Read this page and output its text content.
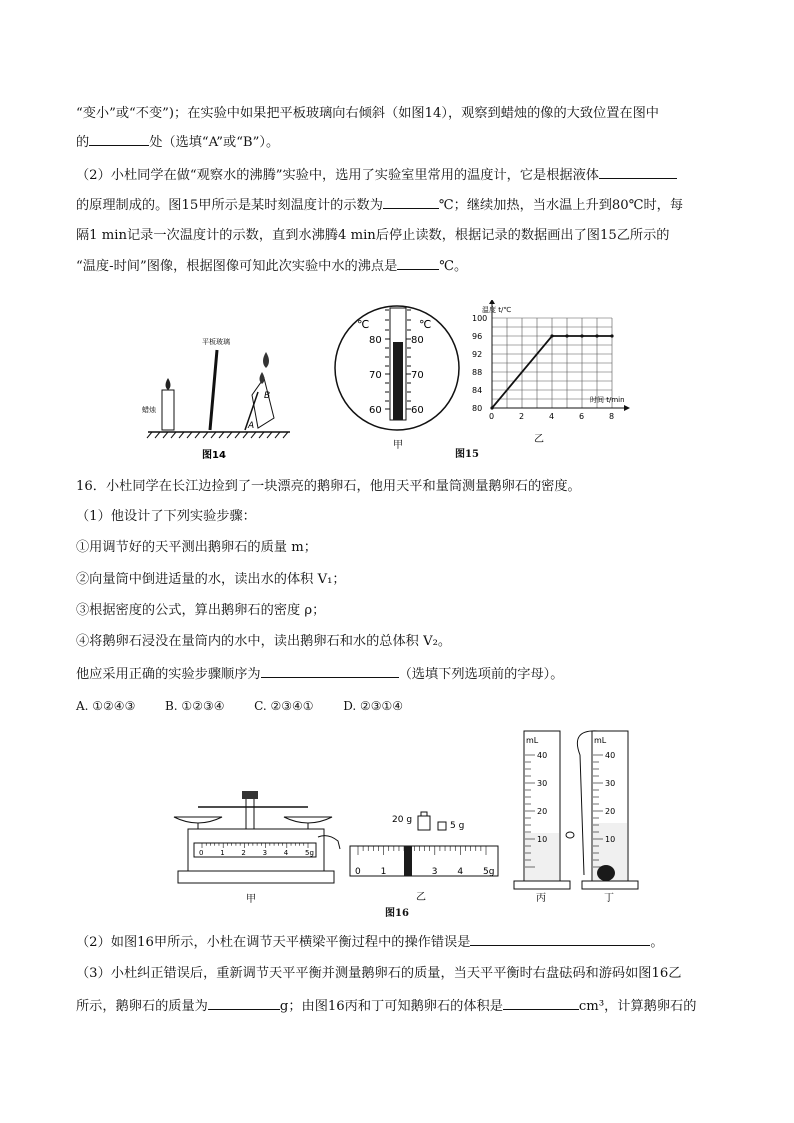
“变小”或“不变”)；在实验中如果把平板玻璃向右倾斜（如图14），观察到蜡烛的像的大致位置在图中
的	处（选填“A”或“B”）。
（2）小杜同学在做“观察水的沸腾”实验中，选用了实验室里常用的温度计，它是根据液体
的原理制成的。图15甲所示是某时刻温度计的示数为	℃；继续加热，当水温上升到80℃时，每
隔1 min记录一次温度计的示数，直到水沸腾4 min后停止读数，根据记录的数据画出了图15乙所示的
“温度-时间”图像，根据图像可知此次实验中水的沸点是	℃。
平板玻璃
蜡烛
B
A
图14
℃	℃
80
70
60
80
70
60
甲
温度 t/℃
时间 t/min
80
84
88
92
96
100
0	2	4	6	8
乙
图15
16．小杜同学在长江边捡到了一块漂亮的鹅卵石，他用天平和量筒测量鹅卵石的密度。
（1）他设计了下列实验步骤：
①用调节好的天平测出鹅卵石的质量 m；
②向量筒中倒进适量的水，读出水的体积 V₁；
③根据密度的公式，算出鹅卵石的密度 ρ；
④将鹅卵石浸没在量筒内的水中，读出鹅卵石和水的总体积 V₂。
他应采用正确的实验步骤顺序为	（选填下列选项前的字母）。
A. ①②④③ B. ①②③④ C. ②③④① D. ②③①④
0 1 2 3 4 5g
甲
20 g
5 g
0 1	3 4 5g
乙
图16
mL
40
30
20
10
mL
40
30
20
10
丙	丁
（2）如图16甲所示，小杜在调节天平横梁平衡过程中的操作错误是	。
（3）小杜纠正错误后，重新调节天平平衡并测量鹅卵石的质量，当天平平衡时右盘砝码和游码如图16乙
所示，鹅卵石的质量为	g；由图16丙和丁可知鹅卵石的体积是	cm³，计算鹅卵石的
